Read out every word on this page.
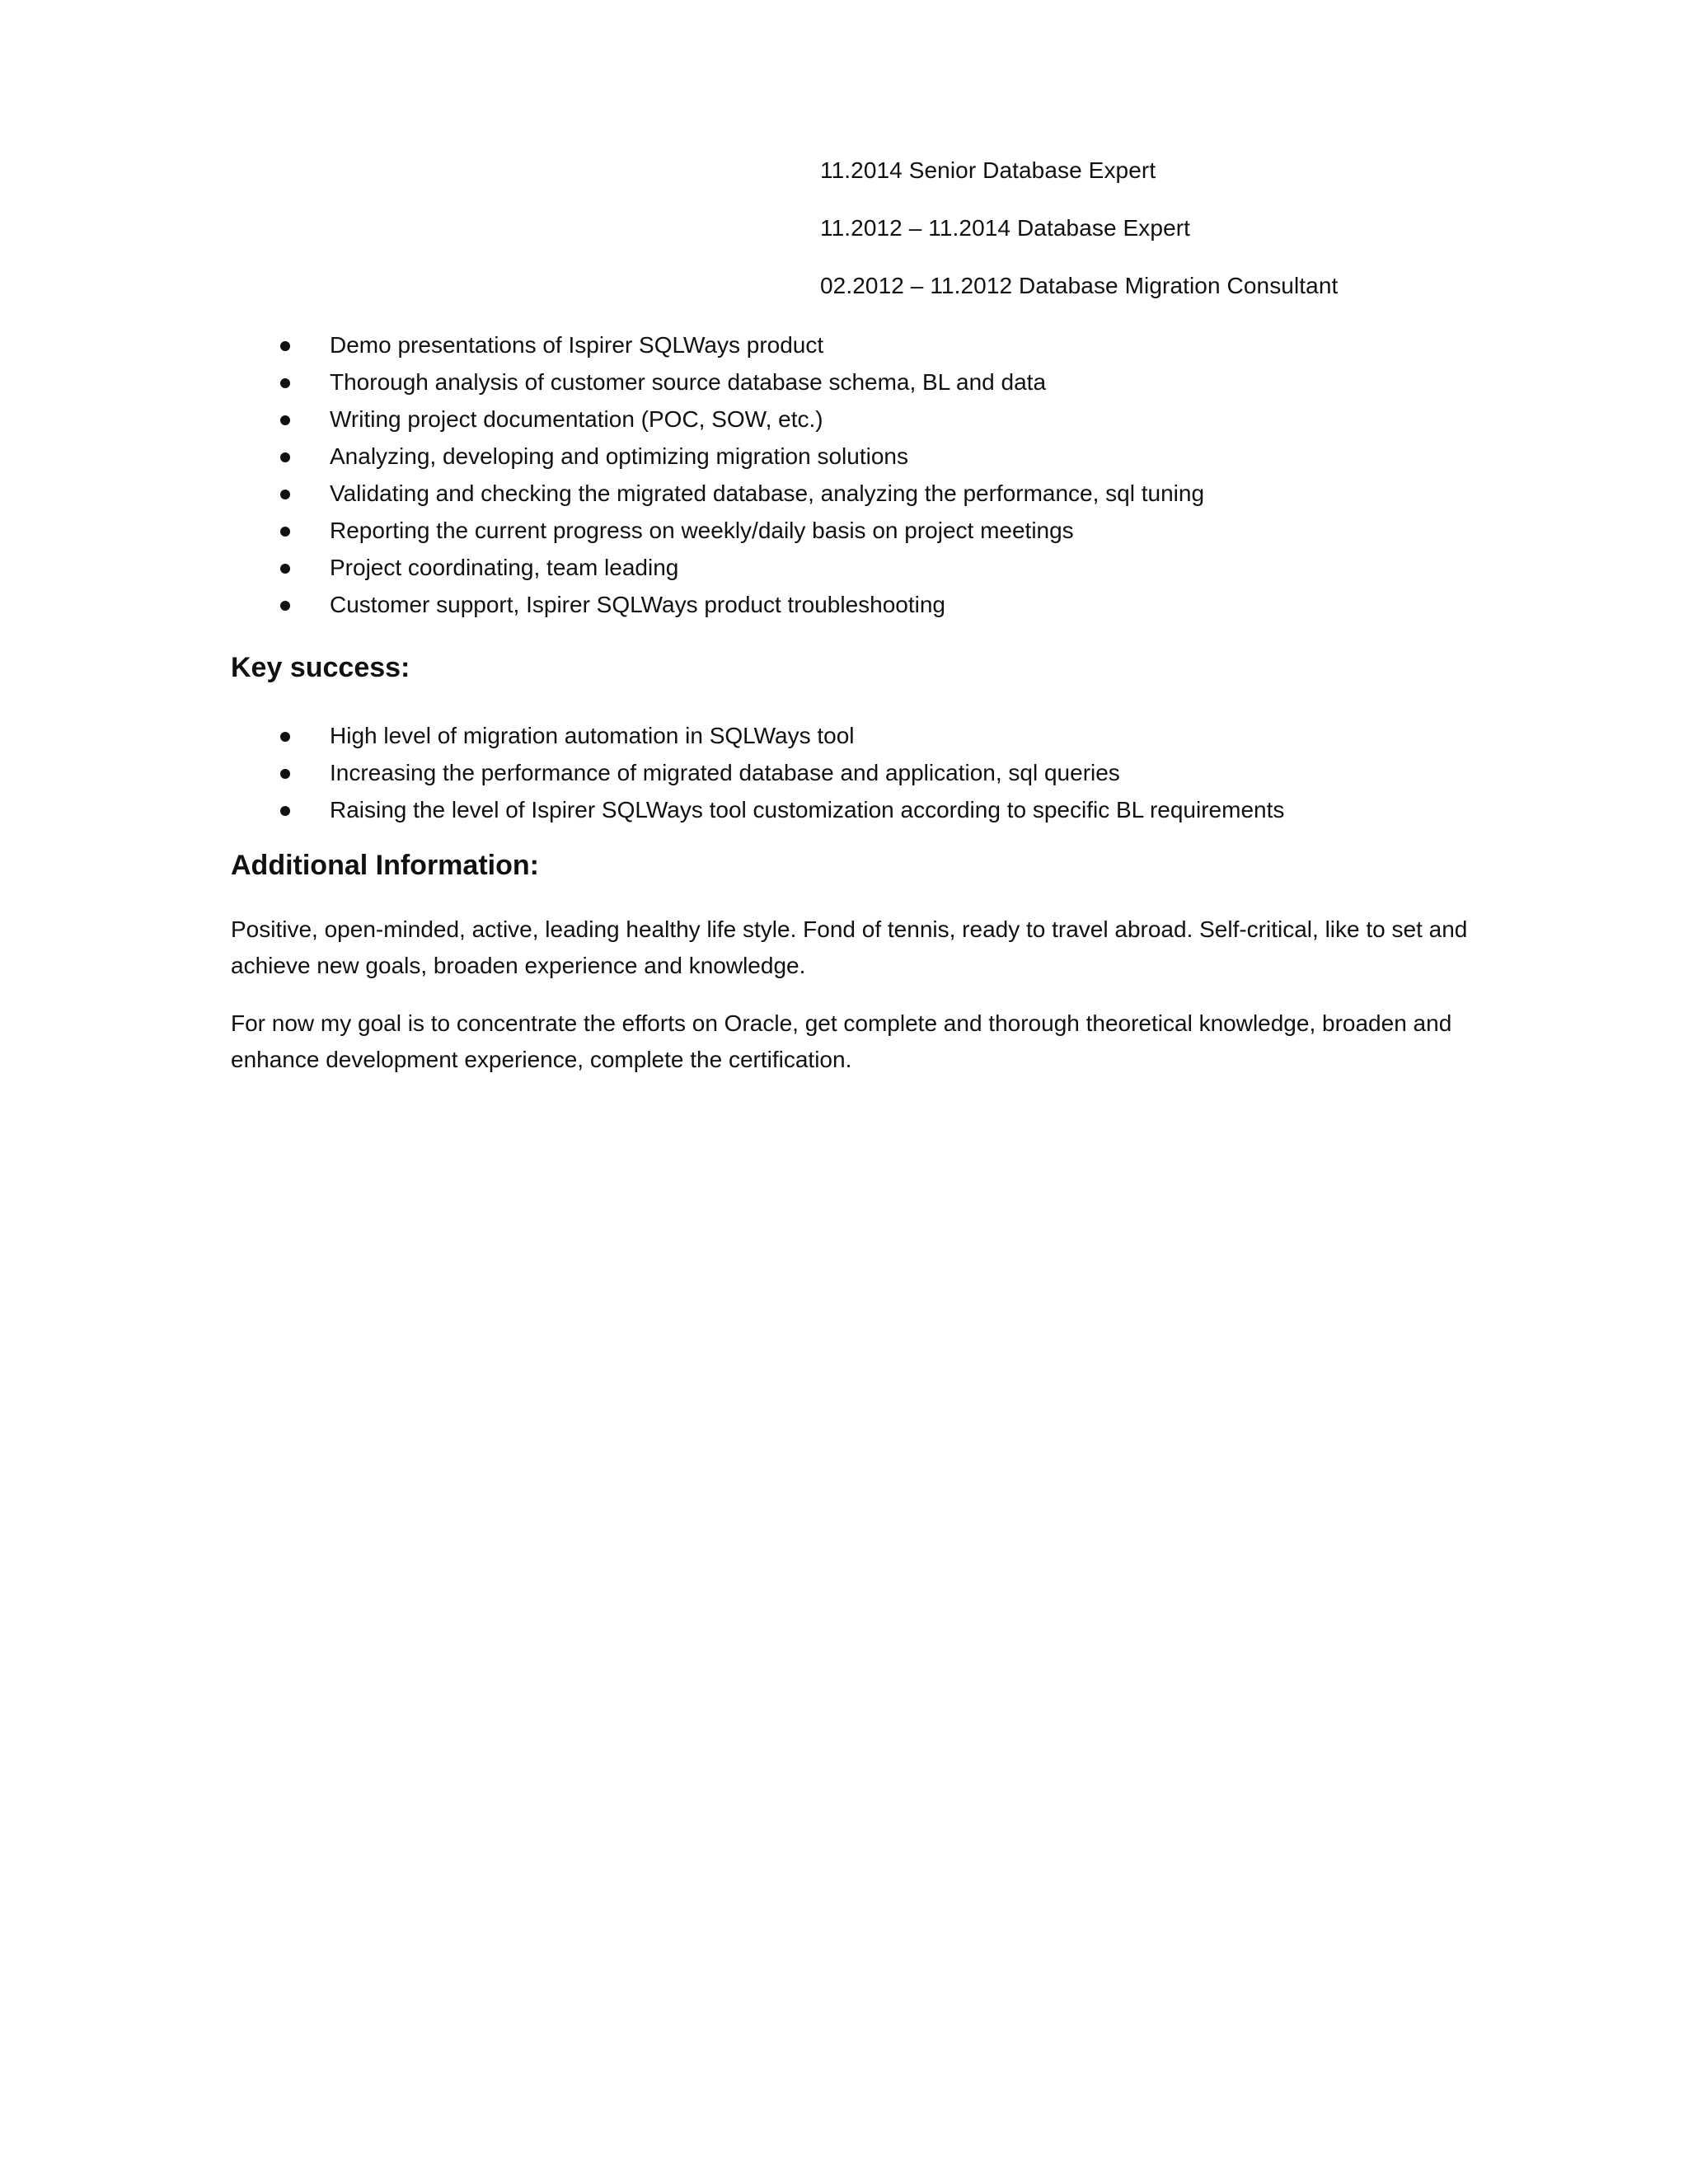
11.2014 Senior Database Expert
11.2012 – 11.2014 Database Expert
02.2012 – 11.2012 Database Migration Consultant
Demo presentations of Ispirer SQLWays product
Thorough analysis of customer source database schema, BL and data
Writing project documentation (POC, SOW, etc.)
Analyzing, developing and optimizing migration solutions
Validating and checking the migrated database, analyzing the performance, sql tuning
Reporting the current progress on weekly/daily basis on project meetings
Project coordinating, team leading
Customer support, Ispirer SQLWays product troubleshooting
Key success:
High level of migration automation in SQLWays tool
Increasing the performance of migrated database and application, sql queries
Raising the level of Ispirer SQLWays tool customization according to specific BL requirements
Additional Information:

Positive, open-minded, active, leading healthy life style. Fond of tennis, ready to travel abroad. Self-critical, like to set and achieve new goals, broaden experience and knowledge.

For now my goal is to concentrate the efforts on Oracle, get complete and thorough theoretical knowledge, broaden and enhance development experience, complete the certification.
